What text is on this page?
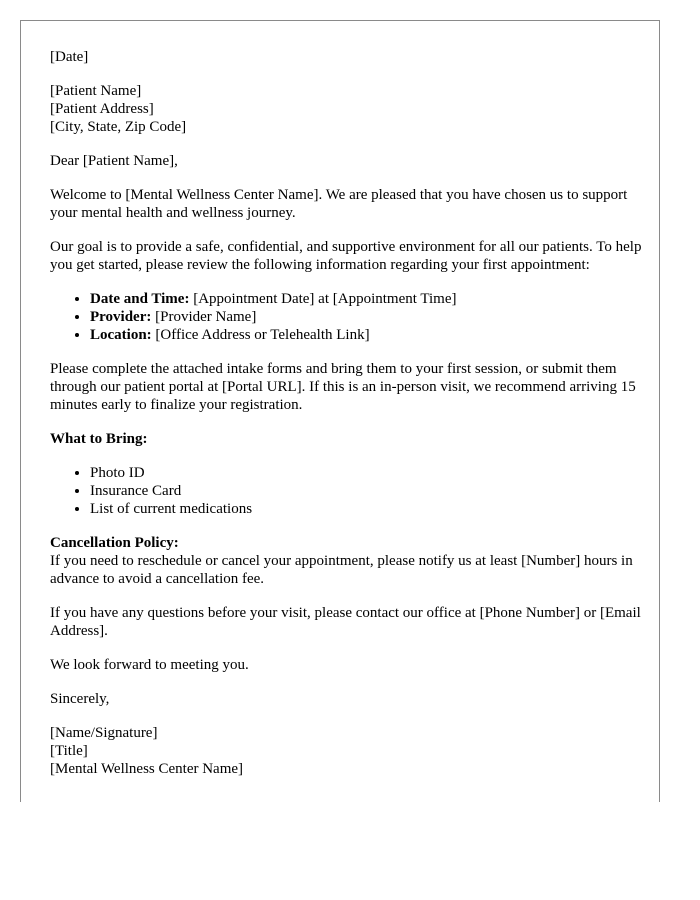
[Date]

[Patient Name]
[Patient Address]
[City, State, Zip Code]

Dear [Patient Name],

Welcome to [Mental Wellness Center Name]. We are pleased that you have chosen us to support your mental health and wellness journey.

Our goal is to provide a safe, confidential, and supportive environment for all our patients. To help you get started, please review the following information regarding your first appointment:

• Date and Time: [Appointment Date] at [Appointment Time]
• Provider: [Provider Name]
• Location: [Office Address or Telehealth Link]

Please complete the attached intake forms and bring them to your first session, or submit them through our patient portal at [Portal URL]. If this is an in-person visit, we recommend arriving 15 minutes early to finalize your registration.

What to Bring:

• Photo ID
• Insurance Card
• List of current medications

Cancellation Policy:
If you need to reschedule or cancel your appointment, please notify us at least [Number] hours in advance to avoid a cancellation fee.

If you have any questions before your visit, please contact our office at [Phone Number] or [Email Address].

We look forward to meeting you.

Sincerely,

[Name/Signature]
[Title]
[Mental Wellness Center Name]
